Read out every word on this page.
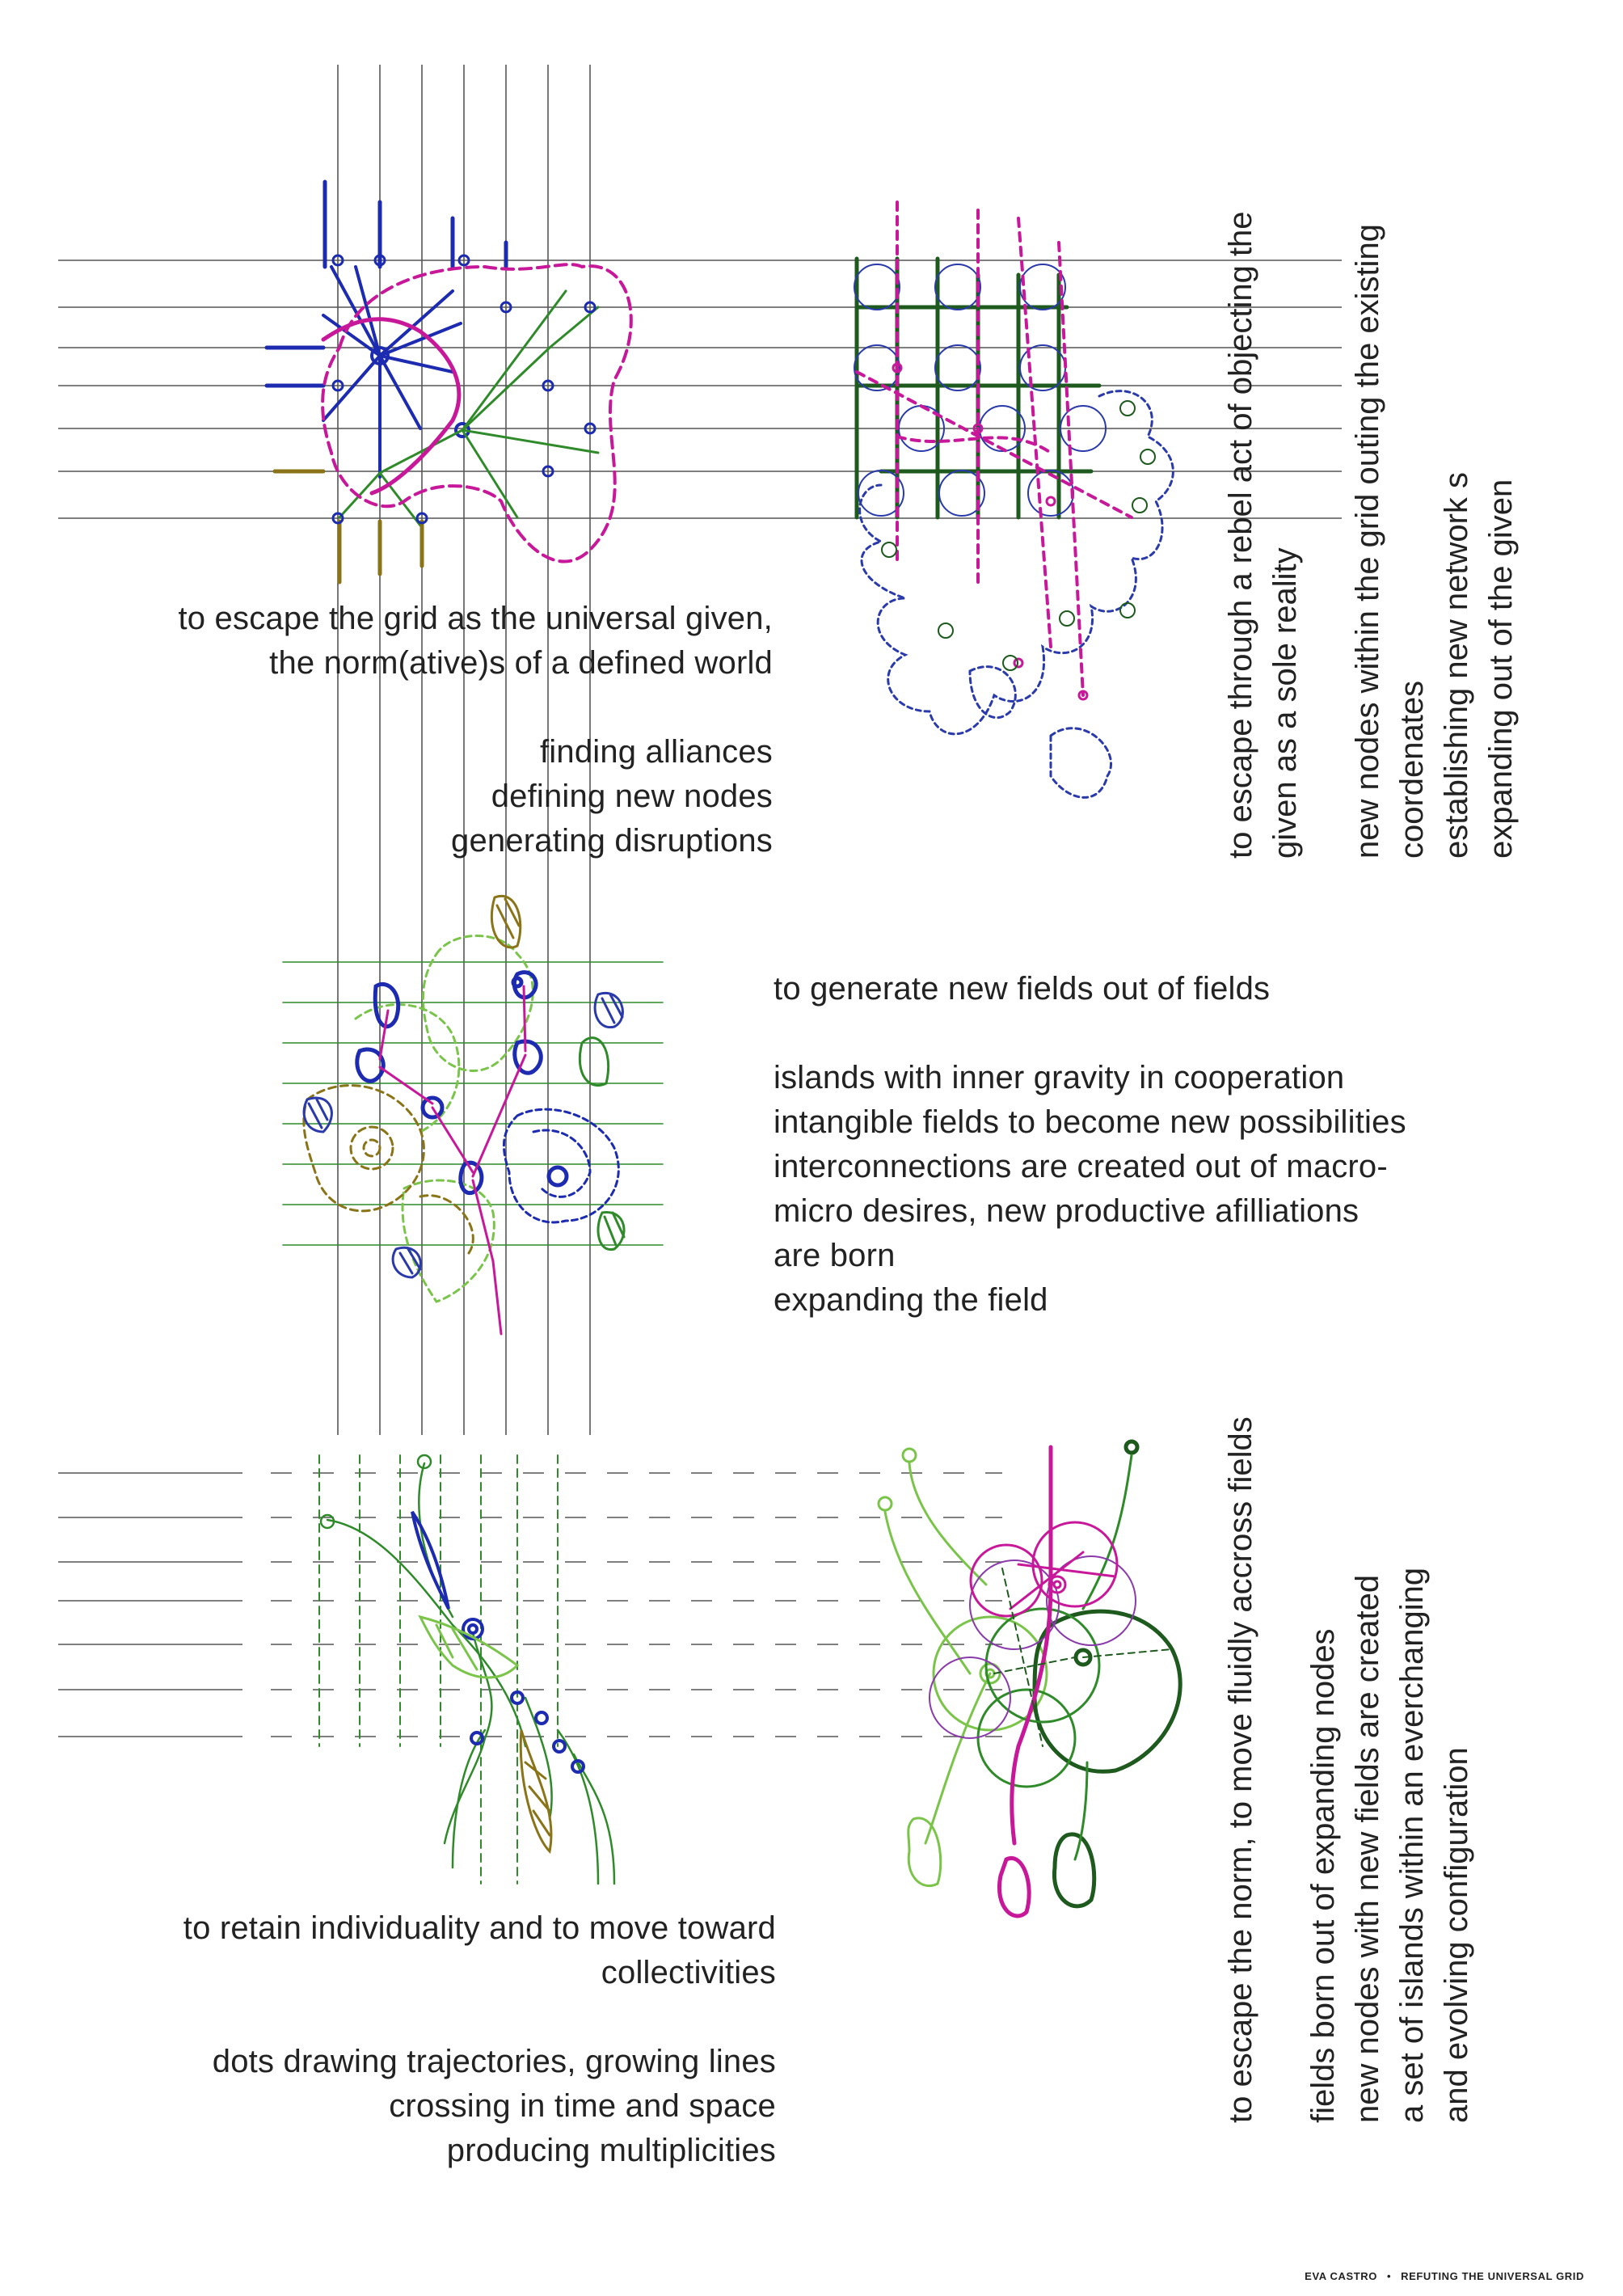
to escape the grid as the universal given,
the norm(ative)s of a defined world
finding alliances
defining new nodes
generating disruptions	to escape through a rebel act of objecting the given as a sole reality new nodes within the grid outing the existing coordenates establishing new network s expanding out of the given
to generate new fields out of fields
islands with inner gravity in cooperation
intangible fields to become new possibilities
interconnections are created out of macro-
micro desires, new productive afilliations
are born
expanding the field
to retain individuality and to move toward
collectivities
dots drawing trajectories, growing lines
crossing in time and space
producing multiplicities
to escape the norm, to move fluidly accross fields fields born out of expanding nodes new nodes with new fields are created a set of islands within an everchanging and evolving configuration
EVA CASTRO • REFUTING THE UNIVERSAL GRID
